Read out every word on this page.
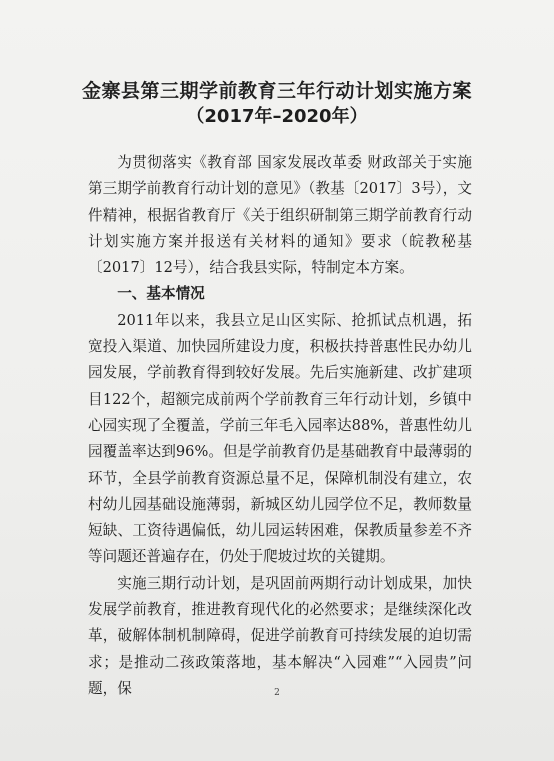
金寨县第三期学前教育三年行动计划实施方案
（2017年–2020年）

为贯彻落实《教育部 国家发展改革委 财政部关于实施第三期学前教育行动计划的意见》（教基〔2017〕3号），文件精神，根据省教育厅《关于组织研制第三期学前教育行动计划实施方案并报送有关材料的通知》要求（皖教秘基〔2017〕12号），结合我县实际，特制定本方案。

一、基本情况

2011年以来，我县立足山区实际、抢抓试点机遇，拓宽投入渠道、加快园所建设力度，积极扶持普惠性民办幼儿园发展，学前教育得到较好发展。先后实施新建、改扩建项目122个，超额完成前两个学前教育三年行动计划，乡镇中心园实现了全覆盖，学前三年毛入园率达88%，普惠性幼儿园覆盖率达到96%。但是学前教育仍是基础教育中最薄弱的环节，全县学前教育资源总量不足，保障机制没有建立，农村幼儿园基础设施薄弱，新城区幼儿园学位不足，教师数量短缺、工资待遇偏低，幼儿园运转困难，保教质量参差不齐等问题还普遍存在，仍处于爬坡过坎的关键期。

实施三期行动计划，是巩固前两期行动计划成果，加快发展学前教育，推进教育现代化的必然要求；是继续深化改革，破解体制机制障碍，促进学前教育可持续发展的迫切需求；是推动二孩政策落地，基本解决“入园难”“入园贵”问题，保	2
